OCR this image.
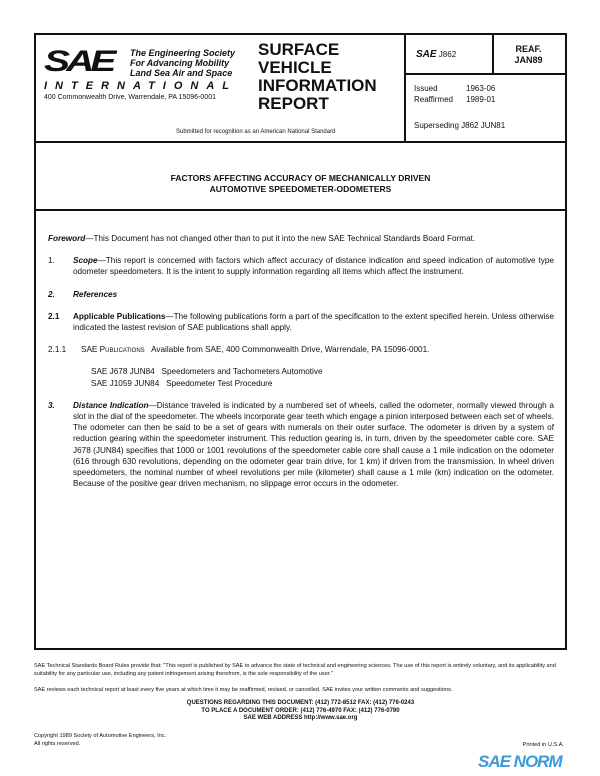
SAE The Engineering Society
For Advancing Mobility
Land Sea Air and Space
INTERNATIONAL
400 Commonwealth Drive, Warrendale, PA 15096-0001
SURFACE
VEHICLE
INFORMATION
REPORT
Submitted for recognition as an American National Standard
SAE J862
REAF.
JAN89
Issued	1963-06
Reaffirmed 1989-01
Superseding J862 JUN81
FACTORS AFFECTING ACCURACY OF MECHANICALLY DRIVEN
AUTOMOTIVE SPEEDOMETER-ODOMETERS
Foreword—This Document has not changed other than to put it into the new SAE Technical Standards Board Format.
1. Scope—This report is concerned with factors which affect accuracy of distance indication and speed indication of automotive type odometer speedometers. It is the intent to supply information regarding all items which affect the instrument.
2. References
2.1 Applicable Publications—The following publications form a part of the specification to the extent specified herein. Unless otherwise indicated the lastest revision of SAE publications shall apply.
2.1.1 SAE Publications Available from SAE, 400 Commonwealth Drive, Warrendale, PA 15096-0001.
SAE J678 JUN84 Speedometers and Tachometers Automotive
SAE J1059 JUN84 Speedometer Test Procedure
3. Distance Indication—Distance traveled is indicated by a numbered set of wheels, called the odometer, normally viewed through a slot in the dial of the speedometer. The wheels incorporate gear teeth which engage a pinion interposed between each set of wheels. The odometer can then be said to be a set of gears with numerals on their outer surface. The odometer is driven by a system of reduction gearing within the speedometer instrument. This reduction gearing is, in turn, driven by the speedometer cable core. SAE J678 (JUN84) specifies that 1000 or 1001 revolutions of the speedometer cable core shall cause a 1 mile indication on the odometer (616 through 630 revolutions, depending on the odometer gear train drive, for 1 km) if driven from the transmission. In wheel driven speedometers, the nominal number of wheel revolutions per mile (kilometer) shall cause a 1 mile (km) indication on the odometer. Because of the positive gear driven mechanism, no slippage error occurs in the odometer.
SAE Technical Standards Board Rules provide that: "This report is published by SAE to advance the state of technical and engineering sciences. The use of this report is entirely voluntary, and its applicability and suitability for any particular use, including any patent infringement arising therefrom, is the sole responsibility of the user."
SAE reviews each technical report at least every five years at which time it may be reaffirmed, revised, or cancelled. SAE invites your written comments and suggestions.
QUESTIONS REGARDING THIS DOCUMENT: (412) 772-8512 FAX: (412) 776-0243
TO PLACE A DOCUMENT ORDER: (412) 776-4970 FAX: (412) 776-0790
SAE WEB ADDRESS http://www.sae.org
Copyright 1989 Society of Automotive Engineers, Inc.
All rights reserved.	Printed in U.S.A.
SAE NORM
